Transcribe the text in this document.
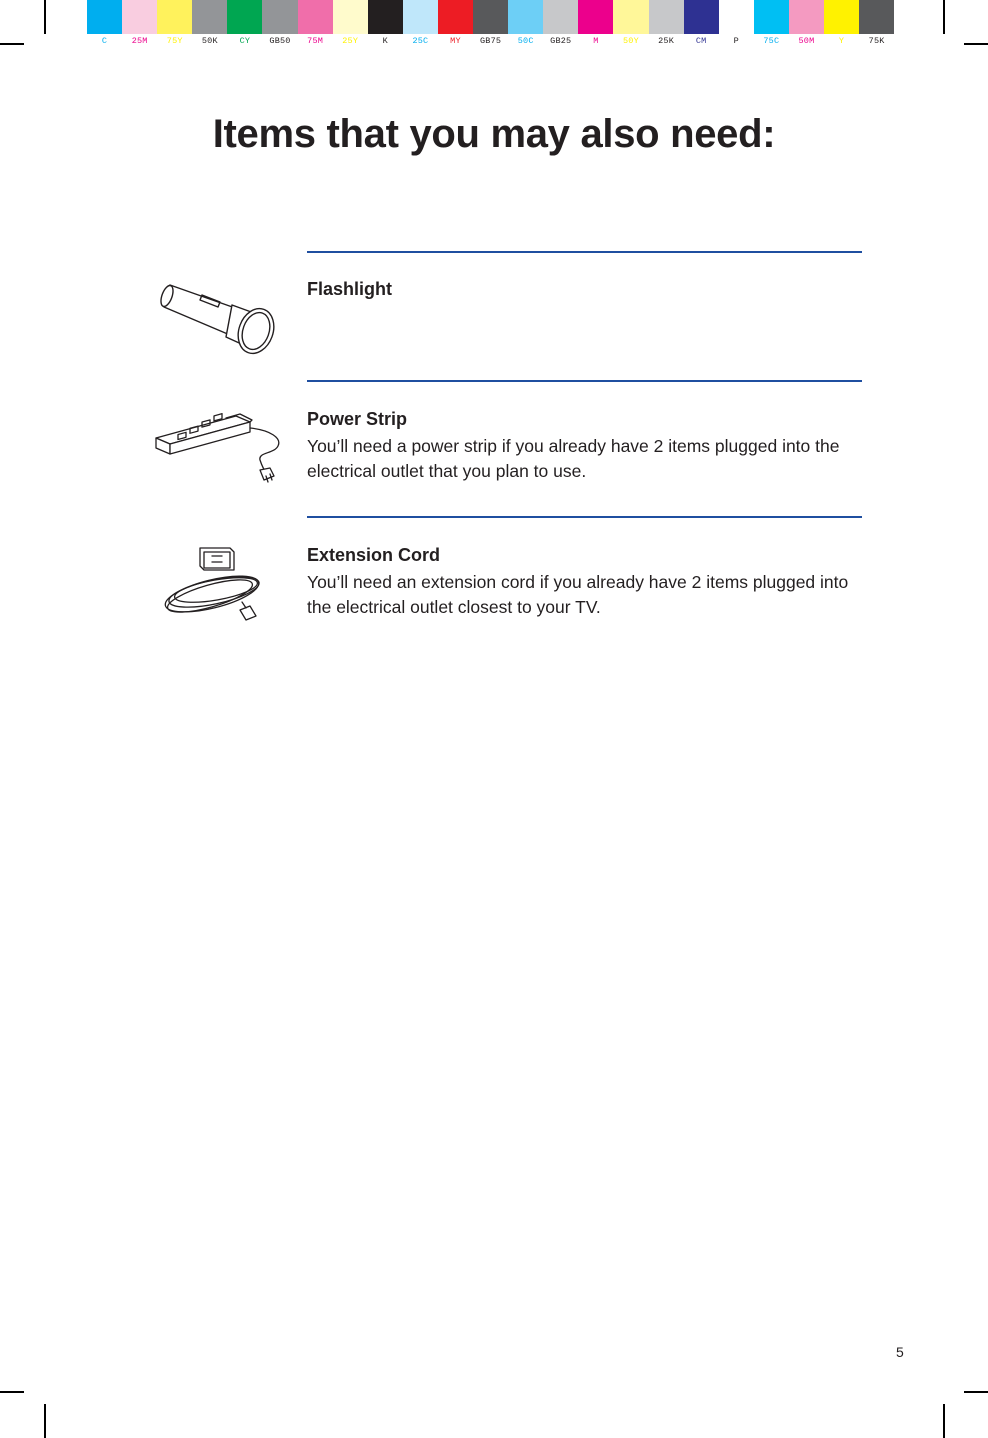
C	25M	75Y	50K	CY	GB50	75M	25Y	K	25C	MY	GB75	50C	GB25	M	50Y	25K	CM	P	75C	50M	Y	75K
Items that you may also need:
Flashlight
Power Strip
You’ll need a power strip if you already have 2 items plugged into the electrical outlet that you plan to use.
Extension Cord
You’ll need an extension cord if you already have 2 items plugged into the electrical outlet closest to your TV.
5
